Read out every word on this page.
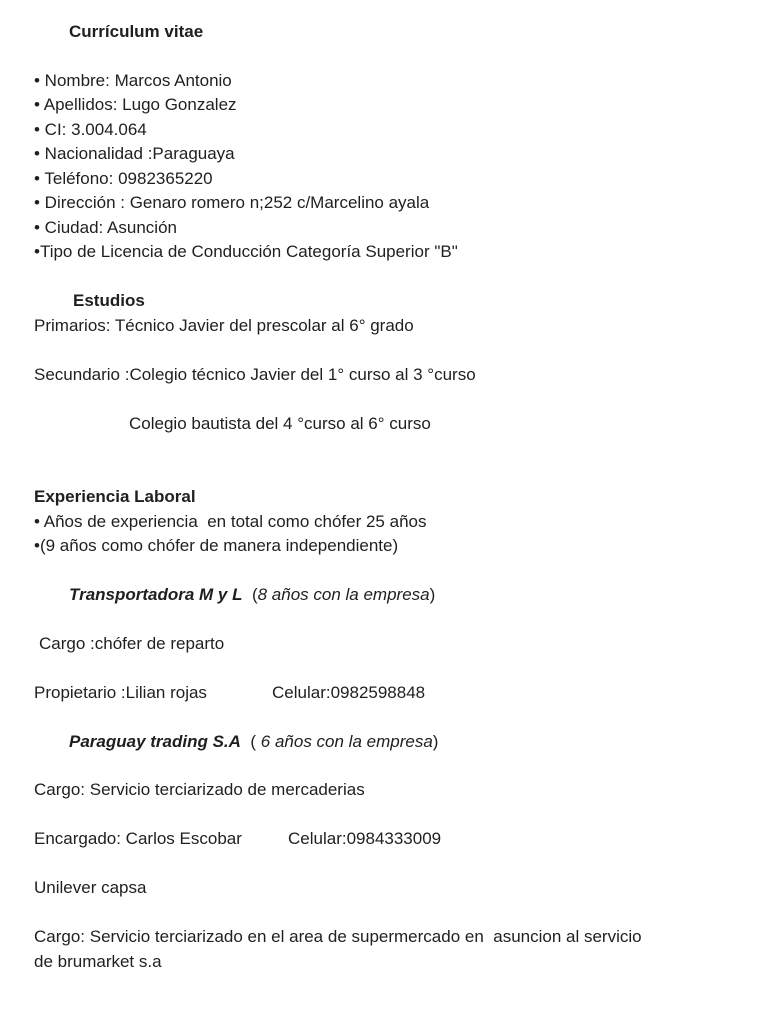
Currículum vitae
• Nombre: Marcos Antonio
• Apellidos: Lugo Gonzalez
• CI: 3.004.064
• Nacionalidad :Paraguaya
• Teléfono: 0982365220
• Dirección : Genaro romero n;252 c/Marcelino ayala
• Ciudad: Asunción
•Tipo de Licencia de Conducción Categoría Superior "B"
Estudios
Primarios: Técnico Javier del prescolar al 6° grado
Secundario :Colegio técnico Javier del 1° curso al 3 °curso
Colegio bautista del 4 °curso al 6° curso
Experiencia Laboral
• Años de experiencia  en total como chófer 25 años
•(9 años como chófer de manera independiente)
Transportadora M y L  (8 años con la empresa)
Cargo :chófer de reparto
Propietario :Lilian rojas	Celular:0982598848
Paraguay trading S.A  ( 6 años con la empresa)
Cargo: Servicio terciarizado de mercaderias
Encargado: Carlos Escobar	Celular:0984333009
Unilever capsa
Cargo: Servicio terciarizado en el area de supermercado en  asuncion al servicio
de brumarket s.a
